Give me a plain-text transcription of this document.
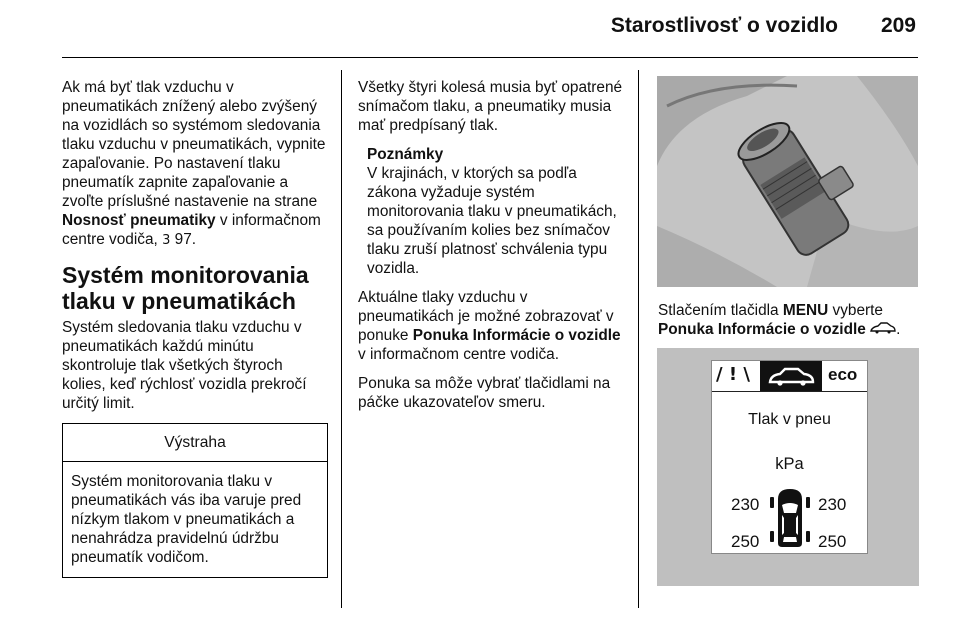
Starostlivosť o vozidlo 209

Ak má byť tlak vzduchu v pneumatikách znížený alebo zvýšený na vozidlách so systémom sledovania tlaku vzduchu v pneumatikách, vypnite zapaľovanie. Po nastavení tlaku pneumatík zapnite zapaľovanie a zvoľte príslušné nastavenie na strane Nosnosť pneumatiky v informačnom centre vodiča, 3 97.

Systém monitorovania tlaku v pneumatikách

Systém sledovania tlaku vzduchu v pneumatikách každú minútu skontroluje tlak všetkých štyroch kolies, keď rýchlosť vozidla prekročí určitý limit.

Výstraha
Systém monitorovania tlaku v pneumatikách vás iba varuje pred nízkym tlakom v pneumatikách a nenahrádza pravidelnú údržbu pneumatík vodičom.

Všetky štyri kolesá musia byť opatrené snímačom tlaku, a pneumatiky musia mať predpísaný tlak.

Poznámky
V krajinách, v ktorých sa podľa zákona vyžaduje systém monitorovania tlaku v pneumatikách, sa používaním kolies bez snímačov tlaku zruší platnosť schválenia typu vozidla.

Aktuálne tlaky vzduchu v pneumatikách je možné zobrazovať v ponuke Ponuka Informácie o vozidle v informačnom centre vodiča.

Ponuka sa môže vybrať tlačidlami na páčke ukazovateľov smeru.

Stlačením tlačidla MENU vyberte
Ponuka Informácie o vozidle .
/ ! \	eco
Tlak v pneu
kPa
230	230
250	250
